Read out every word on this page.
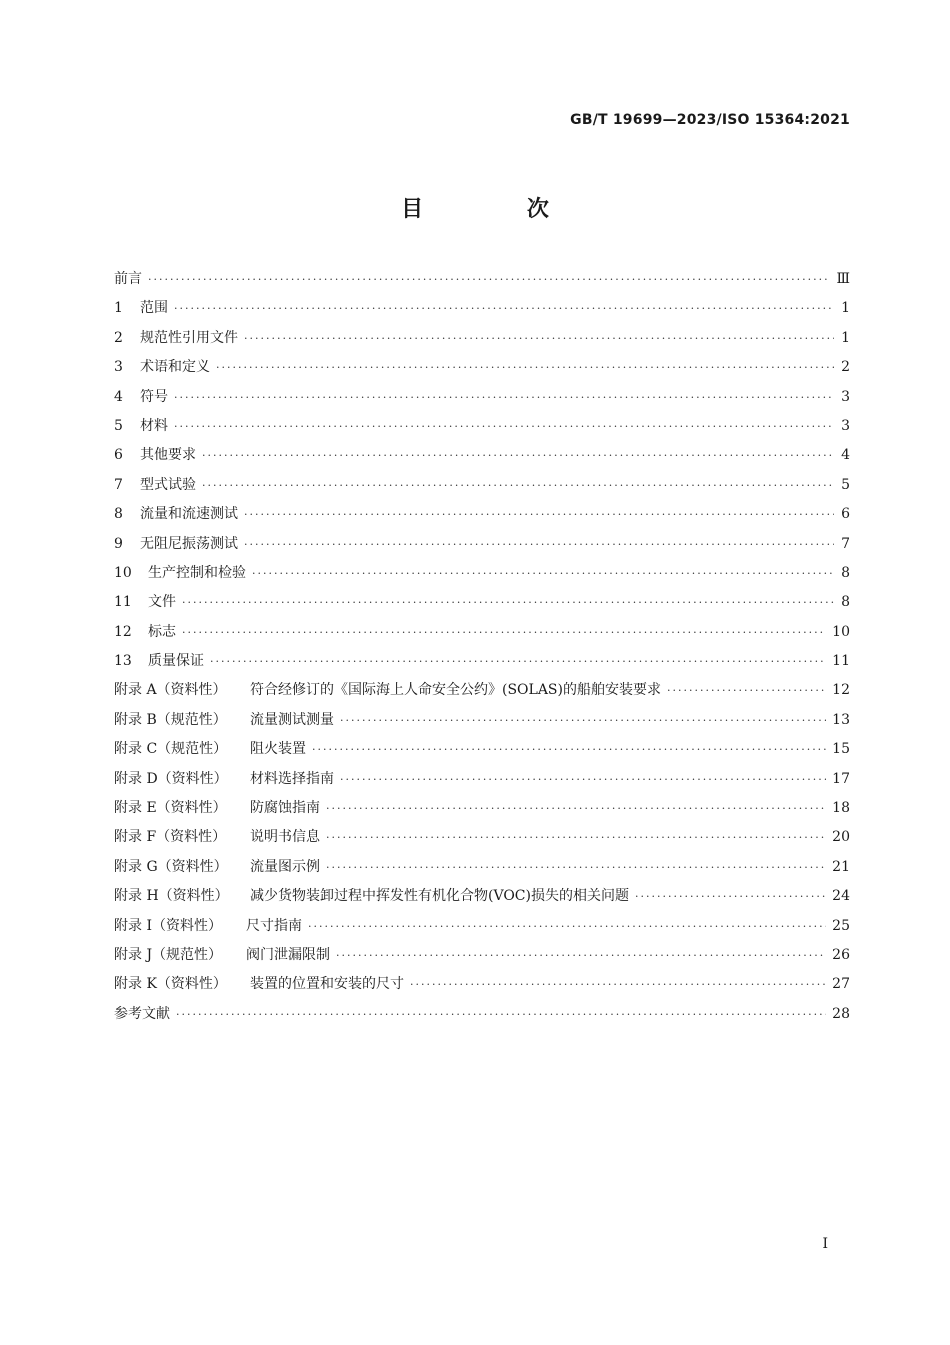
GB/T 19699—2023/ISO 15364:2021
目 次
前言 ·····	Ⅲ
1 范围 ·····	1
2 规范性引用文件 ·····	1
3 术语和定义 ·····	2
4 符号 ·····	3
5 材料 ·····	3
6 其他要求 ·····	4
7 型式试验 ·····	5
8 流量和流速测试 ·····	6
9 无阻尼振荡测试 ·····	7
10 生产控制和检验 ·····	8
11 文件 ·····	8
12 标志 ·····	10
13 质量保证 ·····	11
附录 A（资料性） 符合经修订的《国际海上人命安全公约》(SOLAS)的船舶安装要求 ·····	12
附录 B（规范性） 流量测试测量 ·····	13
附录 C（规范性） 阻火装置 ·····	15
附录 D（资料性） 材料选择指南 ·····	17
附录 E（资料性） 防腐蚀指南 ·····	18
附录 F（资料性） 说明书信息 ·····	20
附录 G（资料性） 流量图示例 ·····	21
附录 H（资料性） 减少货物装卸过程中挥发性有机化合物(VOC)损失的相关问题 ·····	24
附录 I（资料性） 尺寸指南 ·····	25
附录 J（规范性） 阀门泄漏限制 ·····	26
附录 K（资料性） 装置的位置和安装的尺寸 ·····	27
参考文献 ·····	28
I
